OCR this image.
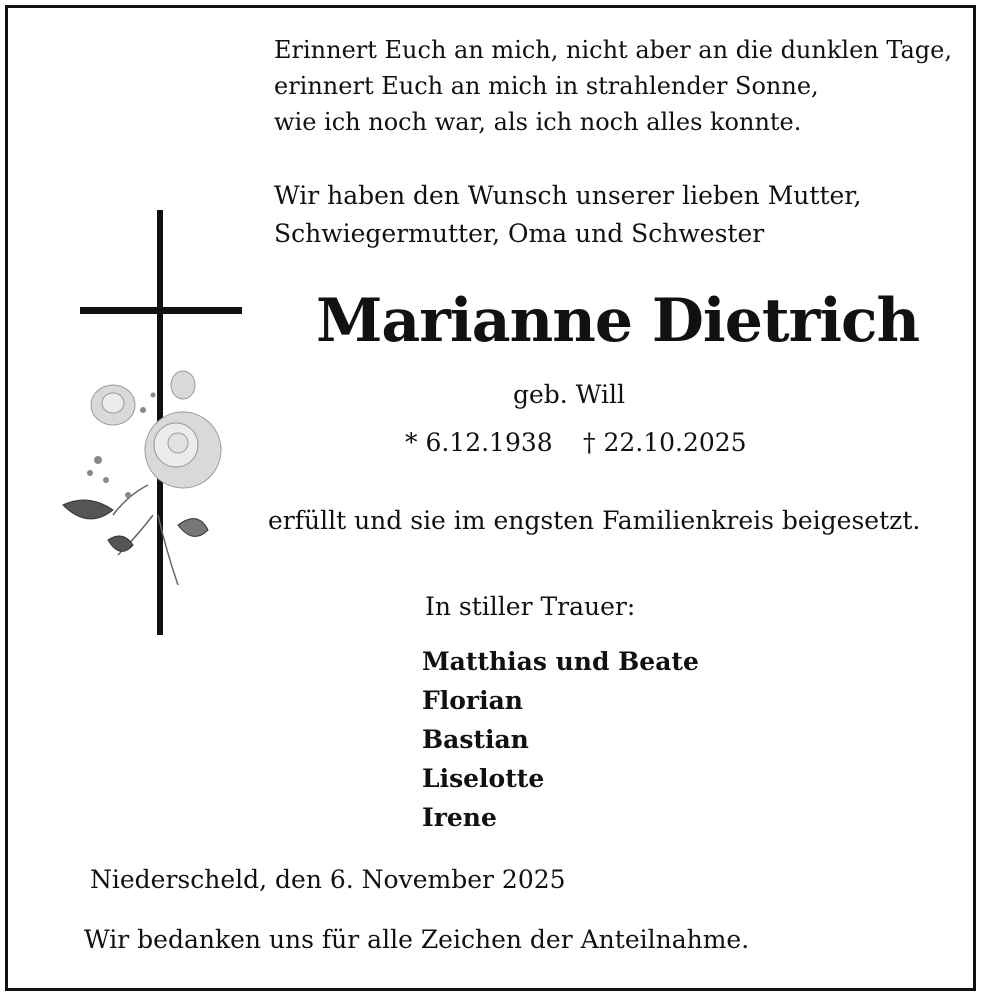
Erinnert Euch an mich, nicht aber an die dunklen Tage,
erinnert Euch an mich in strahlender Sonne,
wie ich noch war, als ich noch alles konnte.
Wir haben den Wunsch unserer lieben Mutter,
Schwiegermutter, Oma und Schwester
Marianne Dietrich
geb. Will
* 6.12.1938 † 22.10.2025
erfüllt und sie im engsten Familienkreis beigesetzt.
In stiller Trauer:
Matthias und Beate
Florian
Bastian
Liselotte
Irene
Niederscheld, den 6. November 2025
Wir bedanken uns für alle Zeichen der Anteilnahme.
